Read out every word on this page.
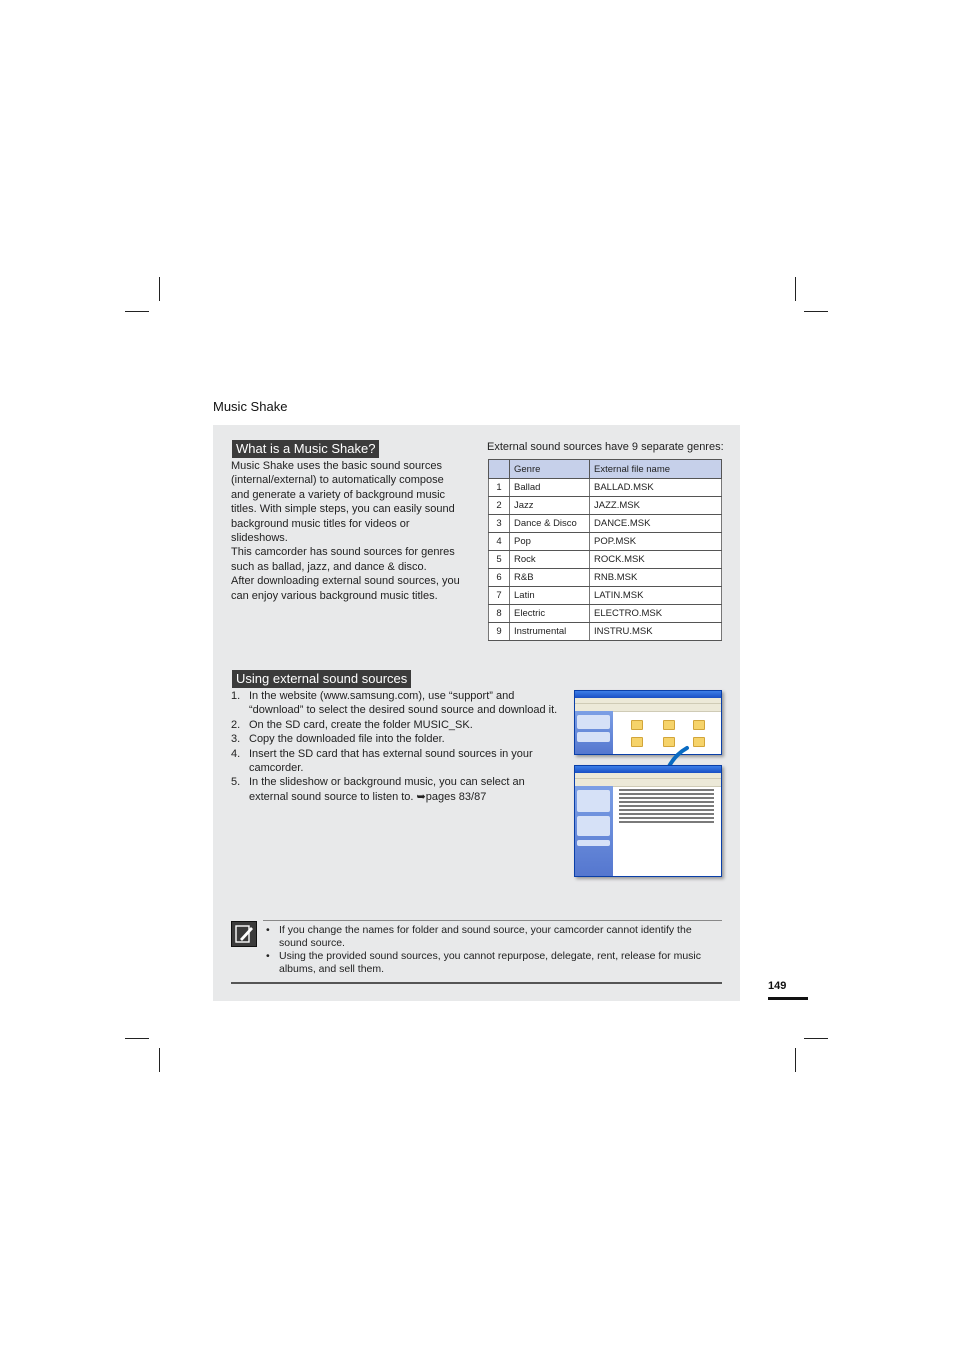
Music Shake
What is a Music Shake?
Music Shake uses the basic sound sources (internal/external) to automatically compose and generate a variety of background music titles. With simple steps, you can easily sound background music titles for videos or slideshows.
This camcorder has sound sources for genres such as ballad, jazz, and dance & disco.
After downloading external sound sources, you can enjoy various background music titles.
External sound sources have 9 separate genres:
	Genre	External file name
1	Ballad	BALLAD.MSK
2	Jazz	JAZZ.MSK
3	Dance & Disco	DANCE.MSK
4	Pop	POP.MSK
5	Rock	ROCK.MSK
6	R&B	RNB.MSK
7	Latin	LATIN.MSK
8	Electric	ELECTRO.MSK
9	Instrumental	INSTRU.MSK
Using external sound sources
1. In the website (www.samsung.com), use “support” and “download” to select the desired sound source and download it.
2. On the SD card, create the folder MUSIC_SK.
3. Copy the downloaded file into the folder.
4. Insert the SD card that has external sound sources in your camcorder.
5. In the slideshow or background music, you can select an external sound source to listen to. ➥pages 83/87
• If you change the names for folder and sound source, your camcorder cannot identify the sound source.
• Using the provided sound sources, you cannot repurpose, delegate, rent, release for music albums, and sell them.
149
